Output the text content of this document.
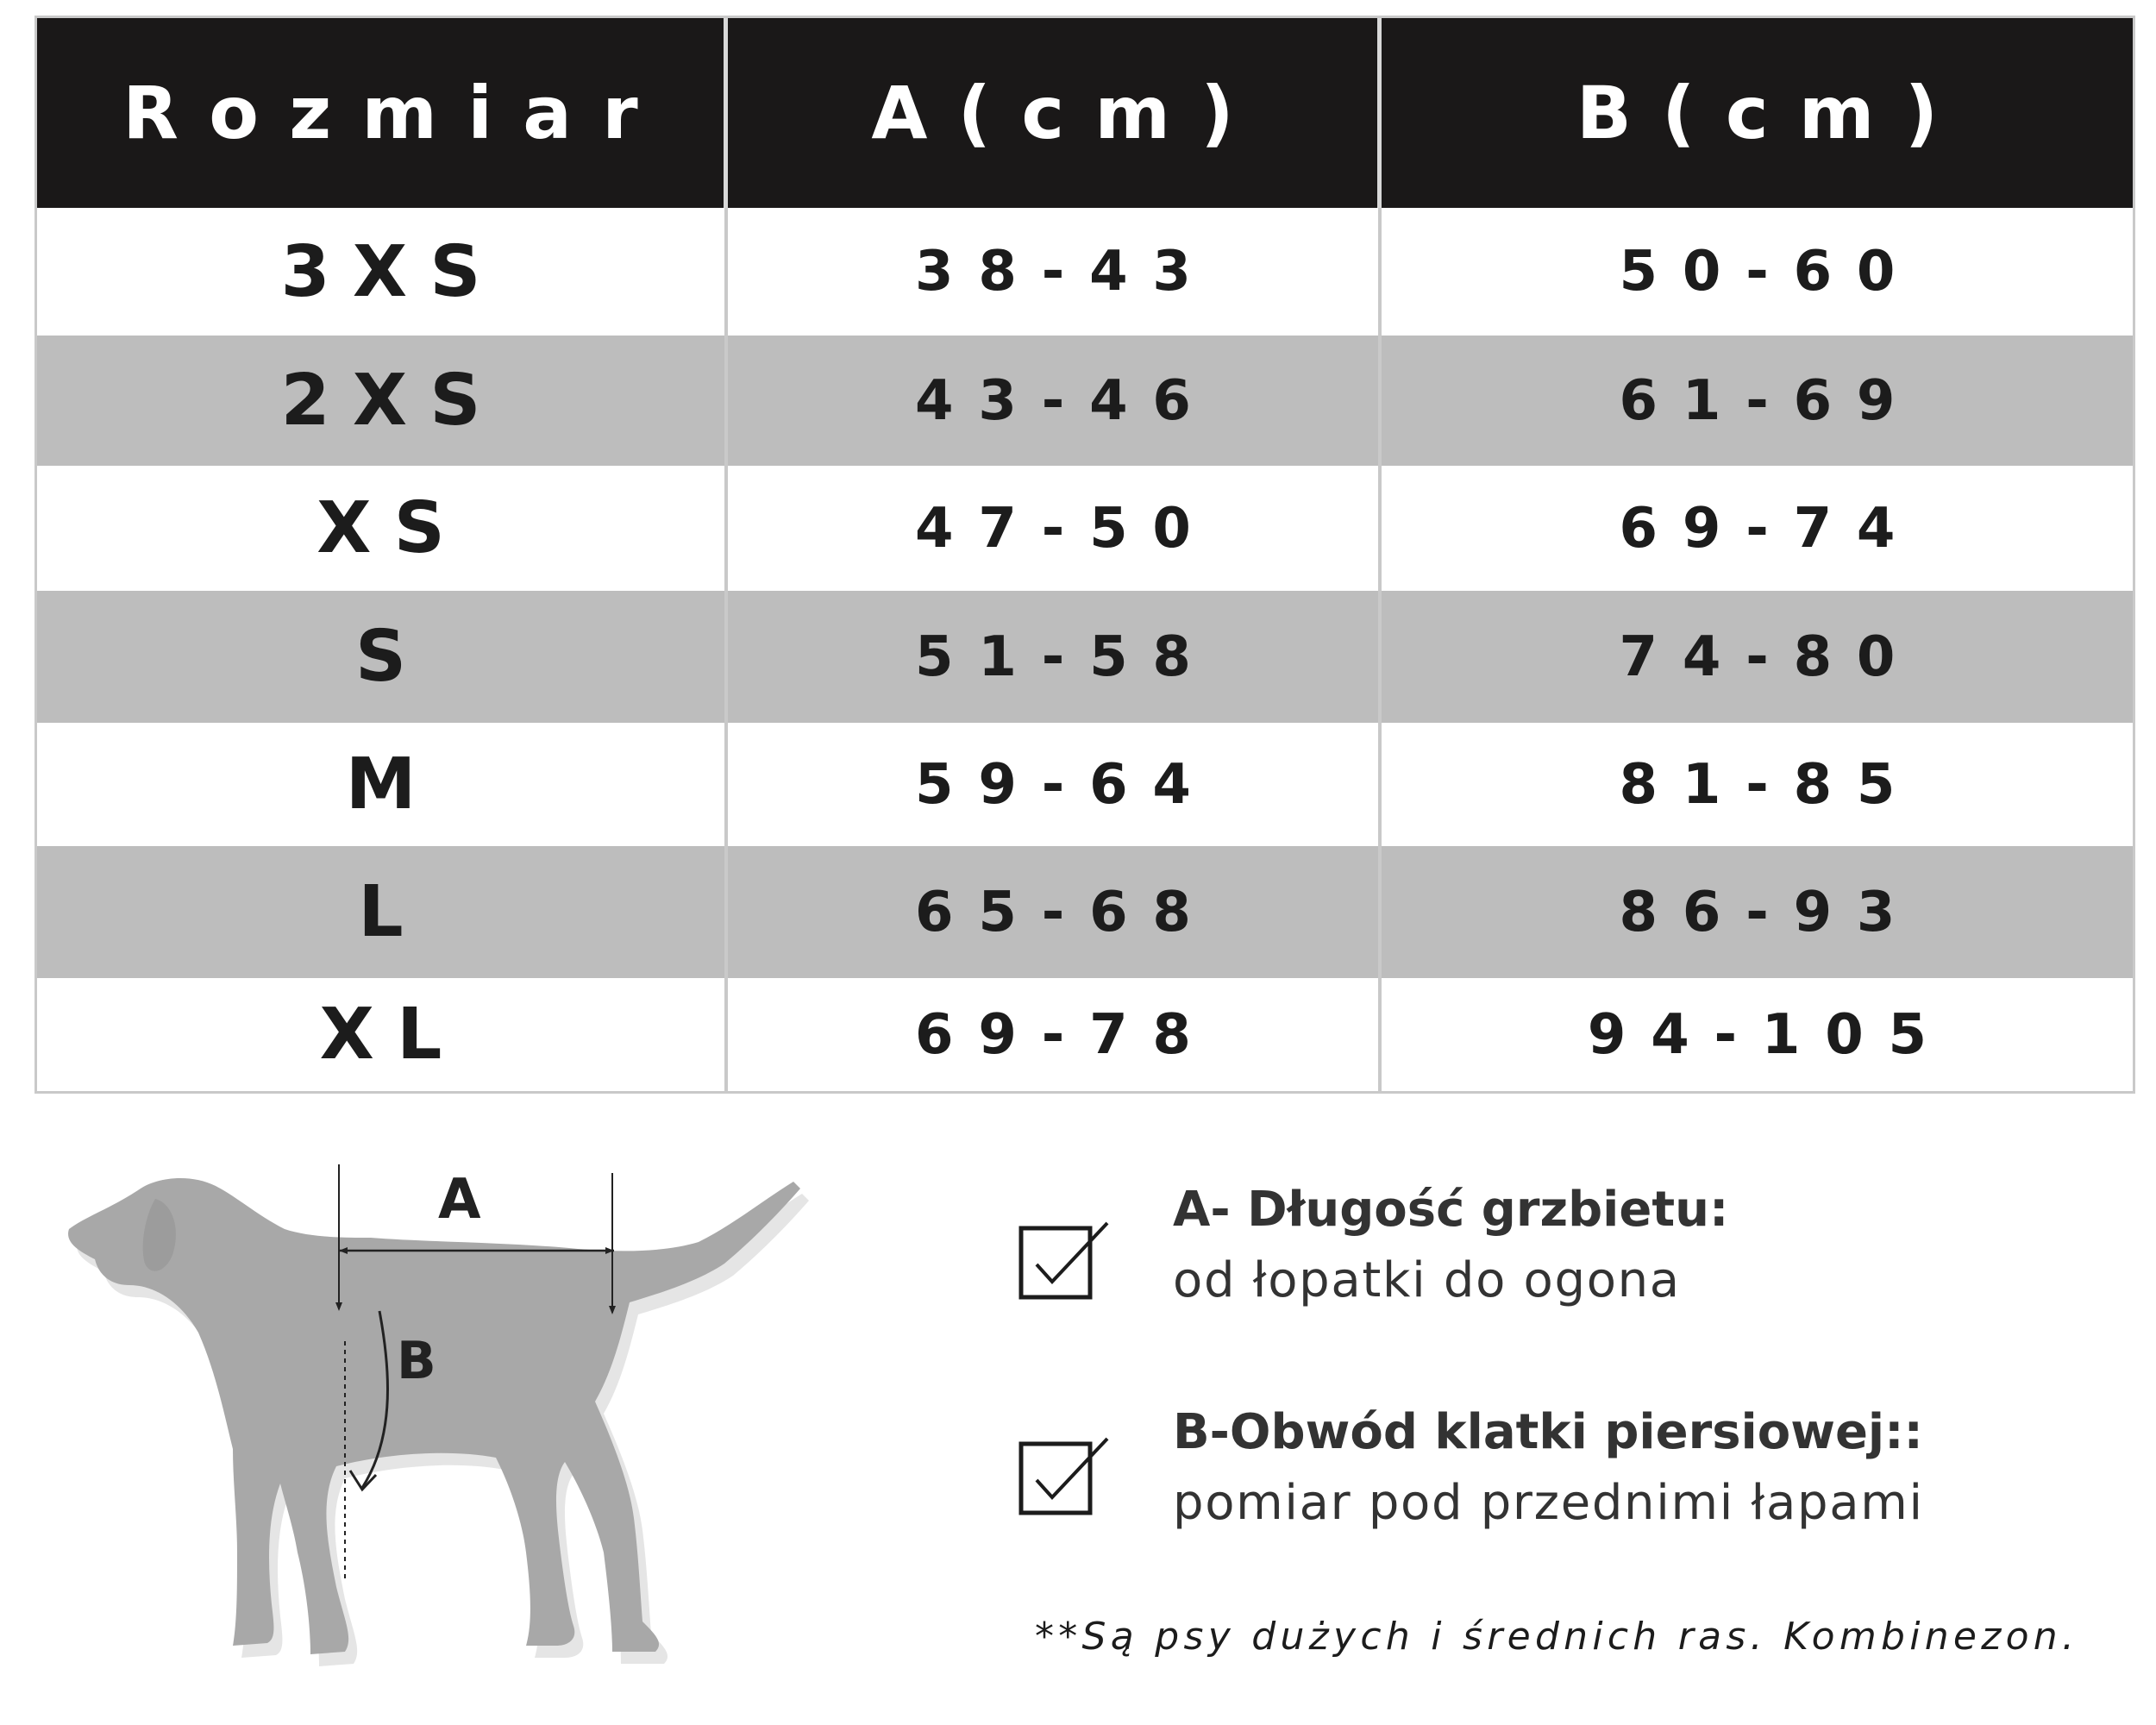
Rozmiar	A(cm)	B(cm)
3XS	38-43	50-60
2XS	43-46	61-69
XS	47-50	69-74
S	51-58	74-80
M	59-64	81-85
L	65-68	86-93
XL	69-78	94-105
A
B
A- Długość grzbietu:
od łopatki do ogona
B-Obwód klatki piersiowej::
pomiar pod przednimi łapami
**Są psy dużych i średnich ras. Kombinezon.
